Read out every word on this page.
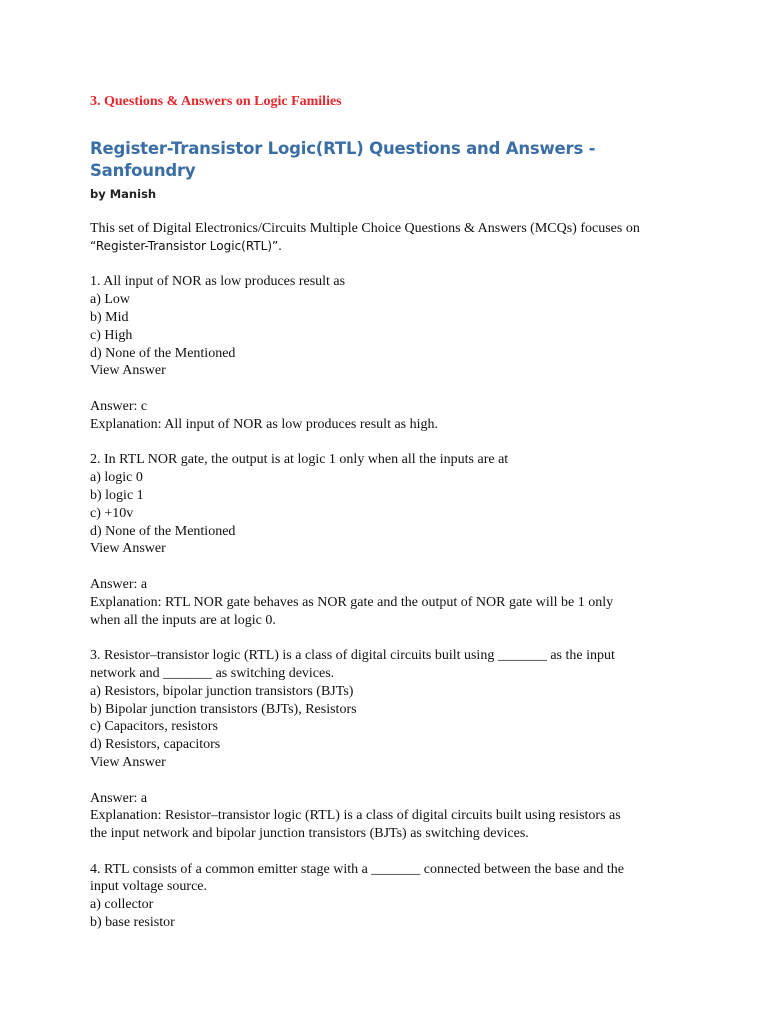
3. Questions & Answers on Logic Families
Register-Transistor Logic(RTL) Questions and Answers - Sanfoundry
by Manish
This set of Digital Electronics/Circuits Multiple Choice Questions & Answers (MCQs) focuses on “Register-Transistor Logic(RTL)”.
1. All input of NOR as low produces result as
a) Low
b) Mid
c) High
d) None of the Mentioned
View Answer
Answer: c
Explanation: All input of NOR as low produces result as high.
2. In RTL NOR gate, the output is at logic 1 only when all the inputs are at
a) logic 0
b) logic 1
c) +10v
d) None of the Mentioned
View Answer
Answer: a
Explanation: RTL NOR gate behaves as NOR gate and the output of NOR gate will be 1 only
when all the inputs are at logic 0.
3. Resistor–transistor logic (RTL) is a class of digital circuits built using _______ as the input
network and _______ as switching devices.
a) Resistors, bipolar junction transistors (BJTs)
b) Bipolar junction transistors (BJTs), Resistors
c) Capacitors, resistors
d) Resistors, capacitors
View Answer
Answer: a
Explanation: Resistor–transistor logic (RTL) is a class of digital circuits built using resistors as
the input network and bipolar junction transistors (BJTs) as switching devices.
4. RTL consists of a common emitter stage with a _______ connected between the base and the
input voltage source.
a) collector
b) base resistor
